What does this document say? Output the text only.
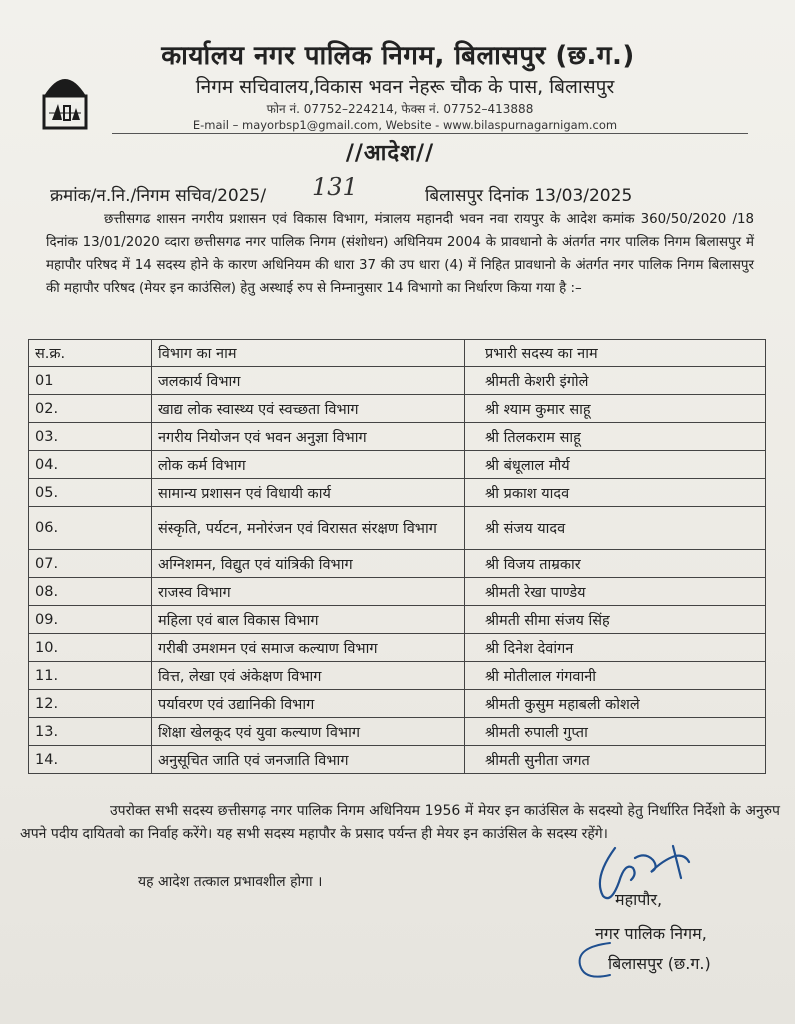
कार्यालय नगर पालिक निगम, बिलासपुर (छ.ग.)
निगम सचिवालय,विकास भवन नेहरू चौक के पास, बिलासपुर
फोन नं. 07752–224214, फेक्स नं. 07752–413888
E-mail – mayorbsp1@gmail.com, Website - www.bilaspurnagarnigam.com
//आदेश//
क्रमांक/न.नि./निगम सचिव/2025/ 131	बिलासपुर दिनांक 13/03/2025
छत्तीसगढ शासन नगरीय प्रशासन एवं विकास विभाग, मंत्रालय महानदी भवन नवा रायपुर के आदेश कमांक 360/50/2020 /18 दिनांक 13/01/2020 व्दारा छत्तीसगढ नगर पालिक निगम (संशोधन) अधिनियम 2004 के प्रावधानो के अंतर्गत नगर पालिक निगम बिलासपुर में महापौर परिषद में 14 सदस्य होने के कारण अधिनियम की धारा 37 की उप धारा (4) में निहित प्रावधानो के अंतर्गत नगर पालिक निगम बिलासपुर की महापौर परिषद (मेयर इन काउंसिल) हेतु अस्थाई रुप से निम्नानुसार 14 विभागो का निर्धारण किया गया है :–
स.क्र.	विभाग का नाम	प्रभारी सदस्य का नाम
01	जलकार्य विभाग	श्रीमती केशरी इंगोले
02.	खाद्य लोक स्वास्थ्य एवं स्वच्छता विभाग	श्री श्याम कुमार साहू
03.	नगरीय नियोजन एवं भवन अनुज्ञा विभाग	श्री तिलकराम साहू
04.	लोक कर्म विभाग	श्री बंधूलाल मौर्य
05.	सामान्य प्रशासन एवं विधायी कार्य	श्री प्रकाश यादव
06.	संस्कृति, पर्यटन, मनोरंजन एवं विरासत संरक्षण विभाग	श्री संजय यादव
07.	अग्निशमन, विद्युत एवं यांत्रिकी विभाग	श्री विजय ताम्रकार
08.	राजस्व विभाग	श्रीमती रेखा पाण्डेय
09.	महिला एवं बाल विकास विभाग	श्रीमती सीमा संजय सिंह
10.	गरीबी उमशमन एवं समाज कल्याण विभाग	श्री दिनेश देवांगन
11.	वित्त, लेखा एवं अंकेक्षण विभाग	श्री मोतीलाल गंगवानी
12.	पर्यावरण एवं उद्यानिकी विभाग	श्रीमती कुसुम महाबली कोशले
13.	शिक्षा खेलकूद एवं युवा कल्याण विभाग	श्रीमती रुपाली गुप्ता
14.	अनुसूचित जाति एवं जनजाति विभाग	श्रीमती सुनीता जगत
उपरोक्त सभी सदस्य छत्तीसगढ़ नगर पालिक निगम अधिनियम 1956 में मेयर इन काउंसिल के सदस्यो हेतु निर्धारित निर्देशो के अनुरुप अपने पदीय दायितवो का निर्वाह करेंगे। यह सभी सदस्य महापौर के प्रसाद पर्यन्त ही मेयर इन काउंसिल के सदस्य रहेंगे।
यह आदेश तत्काल प्रभावशील होगा ।
महापौर,
नगर पालिक निगम,
बिलासपुर (छ.ग.)
